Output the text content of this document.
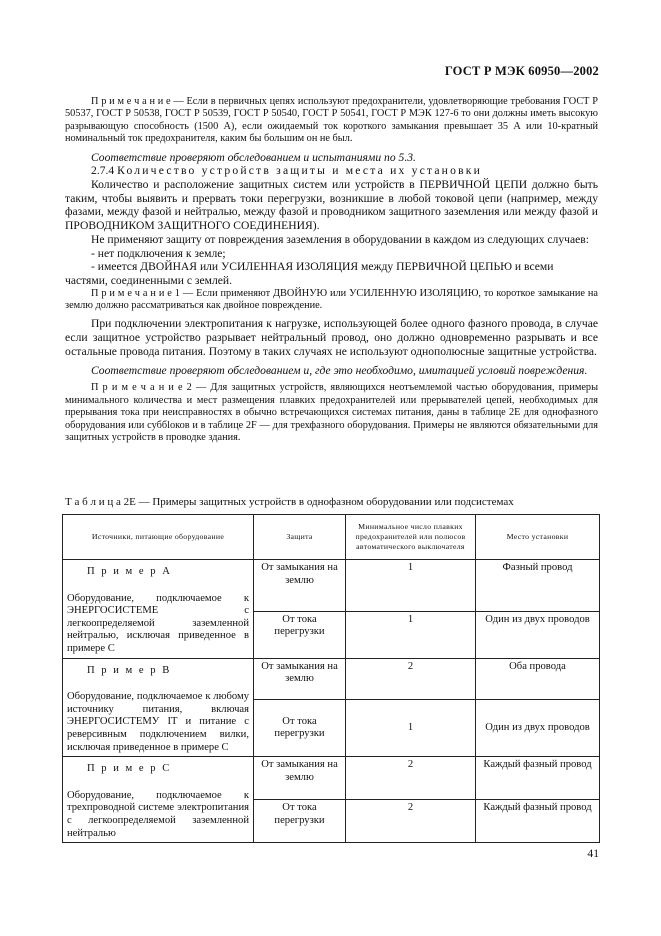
ГОСТ Р МЭК 60950—2002

П р и м е ч а н и е — Если в первичных цепях используют предохранители, удовлетворяющие требования ГОСТ Р 50537, ГОСТ Р 50538, ГОСТ Р 50539, ГОСТ Р 50540, ГОСТ Р 50541, ГОСТ Р МЭК 127-6 то они должны иметь высокую разрывающую способность (1500 А), если ожидаемый ток короткого замыкания превышает 35 А или 10-кратный номинальный ток предохранителя, каким бы большим он не был.

Соответствие проверяют обследованием и испытаниями по 5.3.

2.7.4 Количество устройств защиты и места их установки

Количество и расположение защитных систем или устройств в ПЕРВИЧНОЙ ЦЕПИ должно быть таким, чтобы выявить и прервать токи перегрузки, возникшие в любой токовой цепи (например, между фазами, между фазой и нейтралью, между фазой и проводником защитного заземления или между фазой и ПРОВОДНИКОМ ЗАЩИТНОГО СОЕДИНЕНИЯ).

Не применяют защиту от повреждения заземления в оборудовании в каждом из следующих случаев:

- нет подключения к земле;

- имеется ДВОЙНАЯ или УСИЛЕННАЯ ИЗОЛЯЦИЯ между ПЕРВИЧНОЙ ЦЕПЬЮ и всеми

частями, соединенными с землей.

П р и м е ч а н и е 1 — Если применяют ДВОЙНУЮ или УСИЛЕННУЮ ИЗОЛЯЦИЮ, то короткое замыкание на землю должно рассматриваться как двойное повреждение.

При подключении электропитания к нагрузке, использующей более одного фазного провода, в случае если защитное устройство разрывает нейтральный провод, оно должно одновременно разрывать и все остальные провода питания. Поэтому в таких случаях не используют однополюсные защитные устройства.

Соответствие проверяют обследованием и, где это необходимо, имитацией условий повреждения.

П р и м е ч а н и е 2 — Для защитных устройств, являющихся неотъемлемой частью оборудования, примеры минимального количества и мест размещения плавких предохранителей или прерывателей цепей, необходимых для прерывания тока при неисправностях в обычно встречающихся системах питания, даны в таблице 2Е для однофазного оборудования или суббloков и в таблице 2F — для трехфазного оборудования. Примеры не являются обязательными для защитных устройств в проводке здания.

Т а б л и ц а 2Е — Примеры защитных устройств в однофазном оборудовании или подсистемах
Источники, питающие оборудование	Защита	Минимальное число плавких предохранителей или полюсов автоматического выключателя	Место установки

П р и м е р А
Оборудование, подключаемое к ЭНЕРГОСИСТЕМЕ с легкоопределяемой заземленной нейтралью, исключая приведенное в примере С	От замыкания на землю	1	Фазный провод
	От тока перегрузки	1	Один из двух проводов

П р и м е р В
Оборудование, подключаемое к любому источнику питания, включая ЭНЕРГОСИСТЕМУ IT и питание с реверсивным подключением вилки, исключая приведенное в примере С	От замыкания на землю	2	Оба провода
	От тока перегрузки	1	Один из двух проводов

П р и м е р С
Оборудование, подключаемое к трехпроводной системе электропитания с легкоопределяемой заземленной нейтралью	От замыкания на землю	2	Каждый фазный провод
	От тока перегрузки	2	Каждый фазный провод
41
